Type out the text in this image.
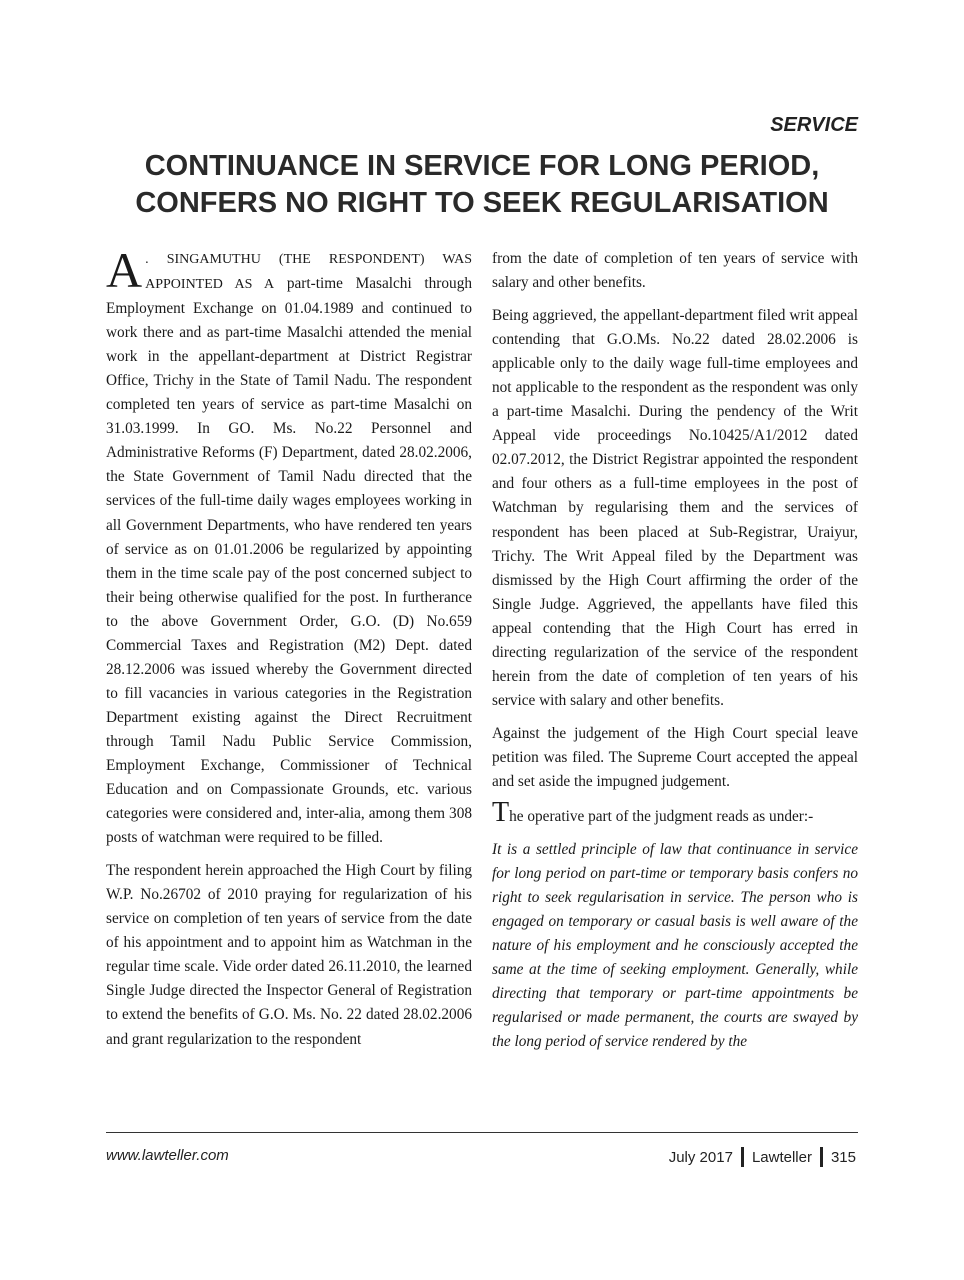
SERVICE
CONTINUANCE IN SERVICE FOR LONG PERIOD,
CONFERS NO RIGHT TO SEEK REGULARISATION

A . SINGAMUTHU (THE RESPONDENT) WAS APPOINTED AS A part-time Masalchi through Employment Exchange on 01.04.1989 and continued to work there and as part-time Masalchi attended the menial work in the appellant-department at District Registrar Office, Trichy in the State of Tamil Nadu. The respondent completed ten years of service as part-time Masalchi on 31.03.1999. In GO. Ms. No.22 Personnel and Administrative Reforms (F) Department, dated 28.02.2006, the State Government of Tamil Nadu directed that the services of the full-time daily wages employees working in all Government Departments, who have rendered ten years of service as on 01.01.2006 be regularized by appointing them in the time scale pay of the post concerned subject to their being otherwise qualified for the post. In furtherance to the above Government Order, G.O. (D) No.659 Commercial Taxes and Registration (M2) Dept. dated 28.12.2006 was issued whereby the Government directed to fill vacancies in various categories in the Registration Department existing against the Direct Recruitment through Tamil Nadu Public Service Commission, Employment Exchange, Commissioner of Technical Education and on Compassionate Grounds, etc. various categories were considered and, inter-alia, among them 308 posts of watchman were required to be filled.

The respondent herein approached the High Court by filing W.P. No.26702 of 2010 praying for regularization of his service on completion of ten years of service from the date of his appointment and to appoint him as Watchman in the regular time scale. Vide order dated 26.11.2010, the learned Single Judge directed the Inspector General of Registration to extend the benefits of G.O. Ms. No. 22 dated 28.02.2006 and grant regularization to the respondent

from the date of completion of ten years of service with salary and other benefits.

Being aggrieved, the appellant-department filed writ appeal contending that G.O.Ms. No.22 dated 28.02.2006 is applicable only to the daily wage full-time employees and not applicable to the respondent as the respondent was only a part-time Masalchi. During the pendency of the Writ Appeal vide proceedings No.10425/A1/2012 dated 02.07.2012, the District Registrar appointed the respondent and four others as a full-time employees in the post of Watchman by regularising them and the services of respondent has been placed at Sub-Registrar, Uraiyur, Trichy. The Writ Appeal filed by the Department was dismissed by the High Court affirming the order of the Single Judge. Aggrieved, the appellants have filed this appeal contending that the High Court has erred in directing regularization of the service of the respondent herein from the date of completion of ten years of his service with salary and other benefits.

Against the judgement of the High Court special leave petition was filed. The Supreme Court accepted the appeal and set aside the impugned judgement.

The operative part of the judgment reads as under:-

It is a settled principle of law that continuance in service for long period on part-time or temporary basis confers no right to seek regularisation in service. The person who is engaged on temporary or casual basis is well aware of the nature of his employment and he consciously accepted the same at the time of seeking employment. Generally, while directing that temporary or part-time appointments be regularised or made permanent, the courts are swayed by the long period of service rendered by the

www.lawteller.com	July 2017 Lawteller 315
